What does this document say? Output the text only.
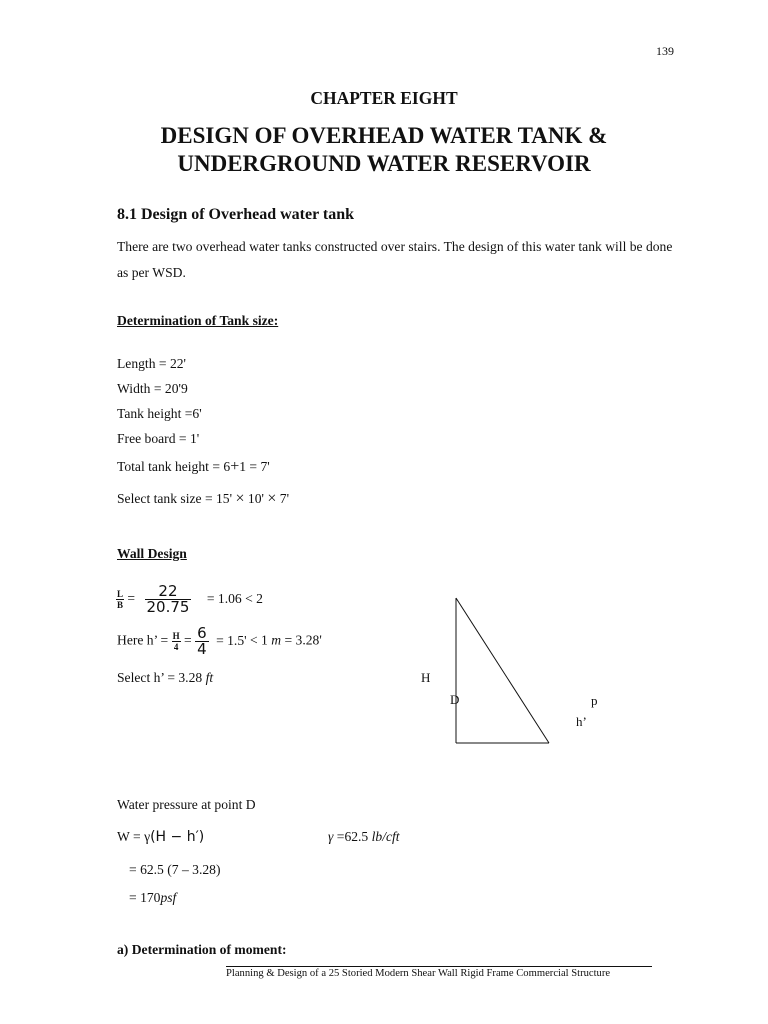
139
CHAPTER EIGHT
DESIGN OF OVERHEAD WATER TANK &
UNDERGROUND WATER RESERVOIR
8.1 Design of Overhead water tank
There are two overhead water tanks constructed over stairs. The design of this water tank will be done as per WSD.
Determination of Tank size:
Length = 22'
Width = 20'9
Tank height =6'
Free board = 1'
Total tank height = 6+1 = 7'
Select tank size = 15' × 10' × 7'
Wall Design
$\frac{L}{B} = \frac{22}{20.75} = 1.06 < 2$
Here h’ = $\frac{H}{4} = \frac{6}{4} = 1.5' < 1$ m = 3.28'
Select h’ = 3.28 ft	H
D	p
h’
Water pressure at point D
W = γ(H − h′)	γ =62.5 lb/cft
= 62.5 (7 – 3.28)
= 170psf
a) Determination of moment:
Planning & Design of a 25 Storied Modern Shear Wall Rigid Frame Commercial Structure
